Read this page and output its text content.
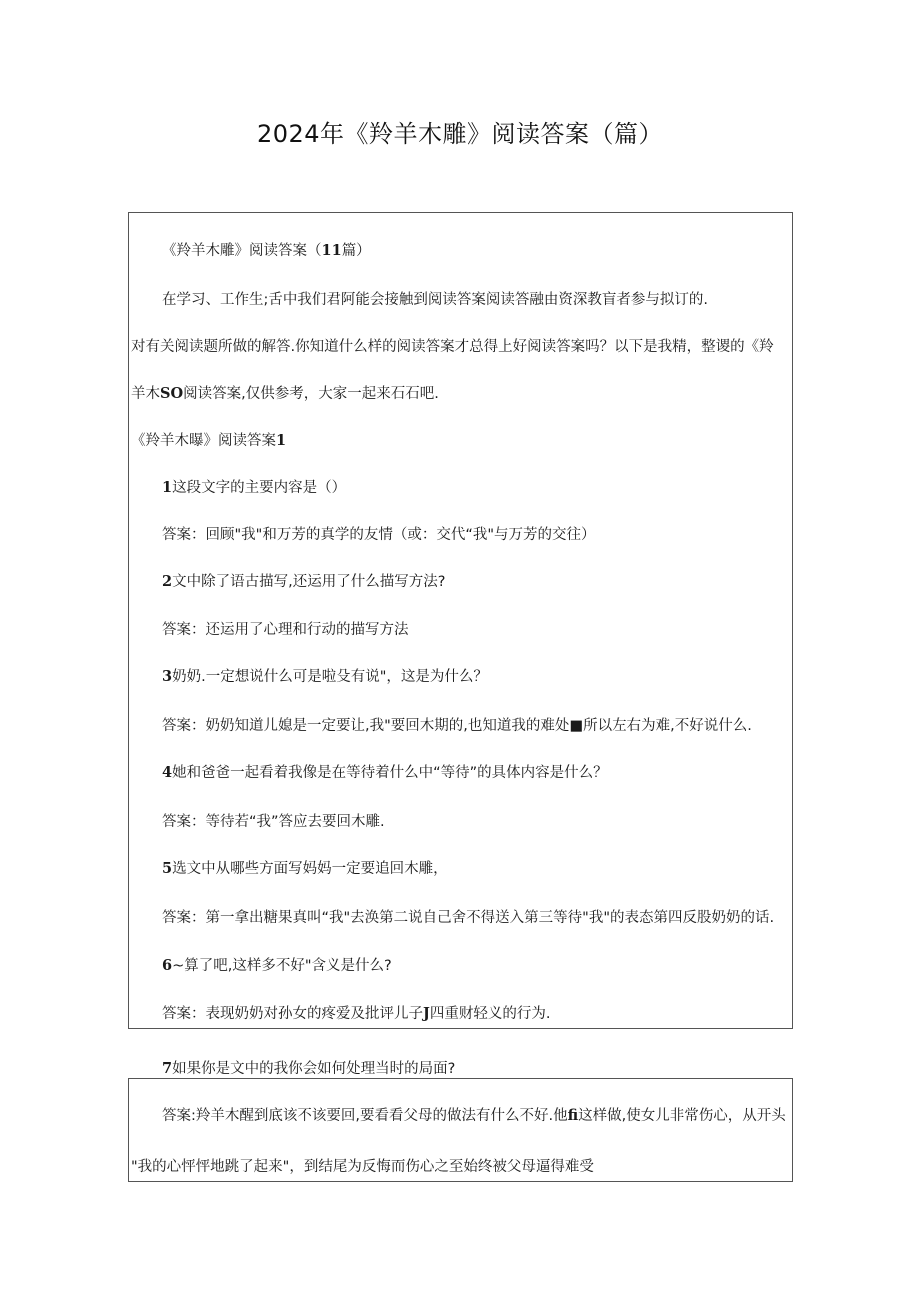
2024年《羚羊木雕》阅读答案（篇）
《羚羊木雕》阅读答案（11篇）
在学习、工作生;舌中我们君阿能会接触到阅读答案阅读答融由资深教盲者参与拟订的.
对有关阅读题所做的解答.你知道什么样的阅读答案才总得上好阅读答案吗？以下是我精，整谡的《羚
羊木SO阅读答案,仅供参考，大家一起来石石吧.
《羚羊木曝》阅读答案1
1这段文字的主要内容是（）
答案：回顾"我"和万芳的真学的友情（或：交代“我"与万芳的交往）
2文中除了语古描写,还运用了什么描写方法?
答案：还运用了心理和行动的描写方法
3奶奶.一定想说什么可是啦殳有说"，这是为什么？
答案：奶奶知道儿媳是一定要让,我"要回木期的,也知道我的难处■所以左右为难,不好说什么.
4她和爸爸一起看着我像是在等待着什么中“等待”的具体内容是什么？
答案：等待若“我”答应去要回木雕.
5选文中从哪些方面写妈妈一定要追回木雕，
答案：第一拿出糖果真叫“我"去涣第二说自己舍不得送入第三等待"我"的表态第四反股奶奶的话.
6~算了吧,这样多不好"含义是什么?
答案：表现奶奶对孙女的疼爱及批评儿子J四重财轻义的行为.
7如果你是文中的我你会如何处理当时的局面?
答案:羚羊木醒到底该不该要回,要看看父母的做法有什么不好.他fi这样做,使女儿非常伤心，从开头
"我的心怦怦地跳了起来"，到结尾为反悔而伤心之至始终被父母逼得难受
